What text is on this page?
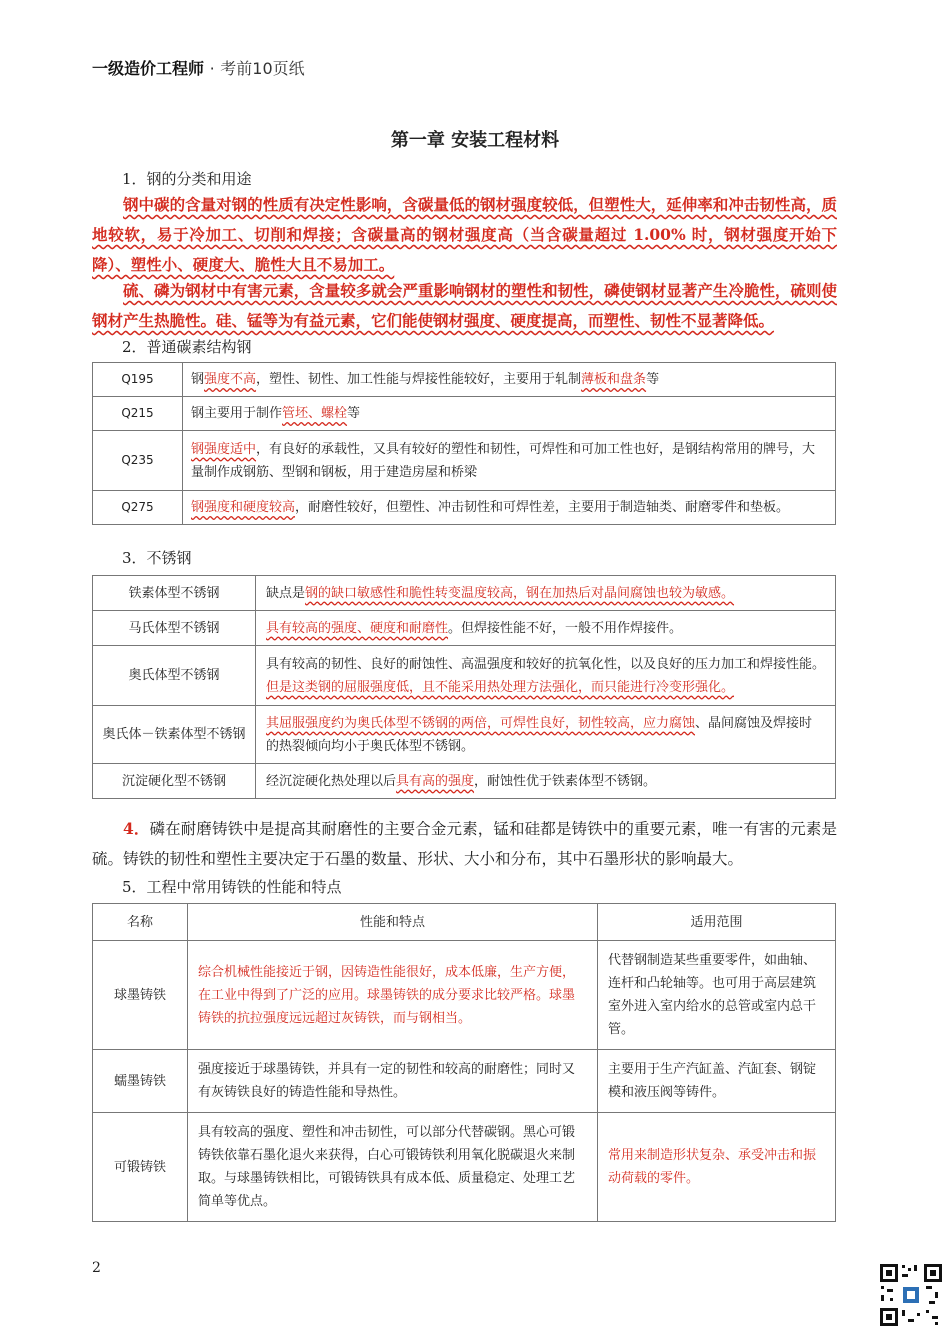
一级造价工程师 · 考前10页纸
第一章 安装工程材料
1．钢的分类和用途
钢中碳的含量对钢的性质有决定性影响，含碳量低的钢材强度较低，但塑性大，延伸率和冲击韧性高，质地较软，易于冷加工、切削和焊接；含碳量高的钢材强度高（当含碳量超过 1.00% 时，钢材强度开始下降）、塑性小、硬度大、脆性大且不易加工。
硫、磷为钢材中有害元素，含量较多就会严重影响钢材的塑性和韧性，磷使钢材显著产生冷脆性，硫则使钢材产生热脆性。硅、锰等为有益元素，它们能使钢材强度、硬度提高，而塑性、韧性不显著降低。
2．普通碳素结构钢
Q195	钢强度不高，塑性、韧性、加工性能与焊接性能较好，主要用于轧制薄板和盘条等
Q215	钢主要用于制作管坯、螺栓等
Q235	钢强度适中，有良好的承载性，又具有较好的塑性和韧性，可焊性和可加工性也好，是钢结构常用的牌号，大量制作成钢筋、型钢和钢板，用于建造房屋和桥梁
Q275	钢强度和硬度较高，耐磨性较好，但塑性、冲击韧性和可焊性差，主要用于制造轴类、耐磨零件和垫板。
3．不锈钢
铁素体型不锈钢	缺点是钢的缺口敏感性和脆性转变温度较高，钢在加热后对晶间腐蚀也较为敏感。
马氏体型不锈钢	具有较高的强度、硬度和耐磨性。但焊接性能不好，一般不用作焊接件。
奥氏体型不锈钢	具有较高的韧性、良好的耐蚀性、高温强度和较好的抗氧化性，以及良好的压力加工和焊接性能。但是这类钢的屈服强度低，且不能采用热处理方法强化，而只能进行冷变形强化。
奥氏体－铁素体型不锈钢	其屈服强度约为奥氏体型不锈钢的两倍，可焊性良好，韧性较高，应力腐蚀、晶间腐蚀及焊接时的热裂倾向均小于奥氏体型不锈钢。
沉淀硬化型不锈钢	经沉淀硬化热处理以后具有高的强度，耐蚀性优于铁素体型不锈钢。
4．磷在耐磨铸铁中是提高其耐磨性的主要合金元素，锰和硅都是铸铁中的重要元素，唯一有害的元素是硫。铸铁的韧性和塑性主要决定于石墨的数量、形状、大小和分布，其中石墨形状的影响最大。
5．工程中常用铸铁的性能和特点
名称	性能和特点	适用范围
球墨铸铁	综合机械性能接近于钢，因铸造性能很好，成本低廉，生产方便，在工业中得到了广泛的应用。球墨铸铁的成分要求比较严格。球墨铸铁的抗拉强度远远超过灰铸铁，而与钢相当。	代替钢制造某些重要零件，如曲轴、连杆和凸轮轴等。也可用于高层建筑室外进入室内给水的总管或室内总干管。
蠕墨铸铁	强度接近于球墨铸铁，并具有一定的韧性和较高的耐磨性；同时又有灰铸铁良好的铸造性能和导热性。	主要用于生产汽缸盖、汽缸套、钢锭模和液压阀等铸件。
可锻铸铁	具有较高的强度、塑性和冲击韧性，可以部分代替碳钢。黑心可锻铸铁依靠石墨化退火来获得，白心可锻铸铁利用氧化脱碳退火来制取。与球墨铸铁相比，可锻铸铁具有成本低、质量稳定、处理工艺简单等优点。	常用来制造形状复杂、承受冲击和振动荷载的零件。
2
